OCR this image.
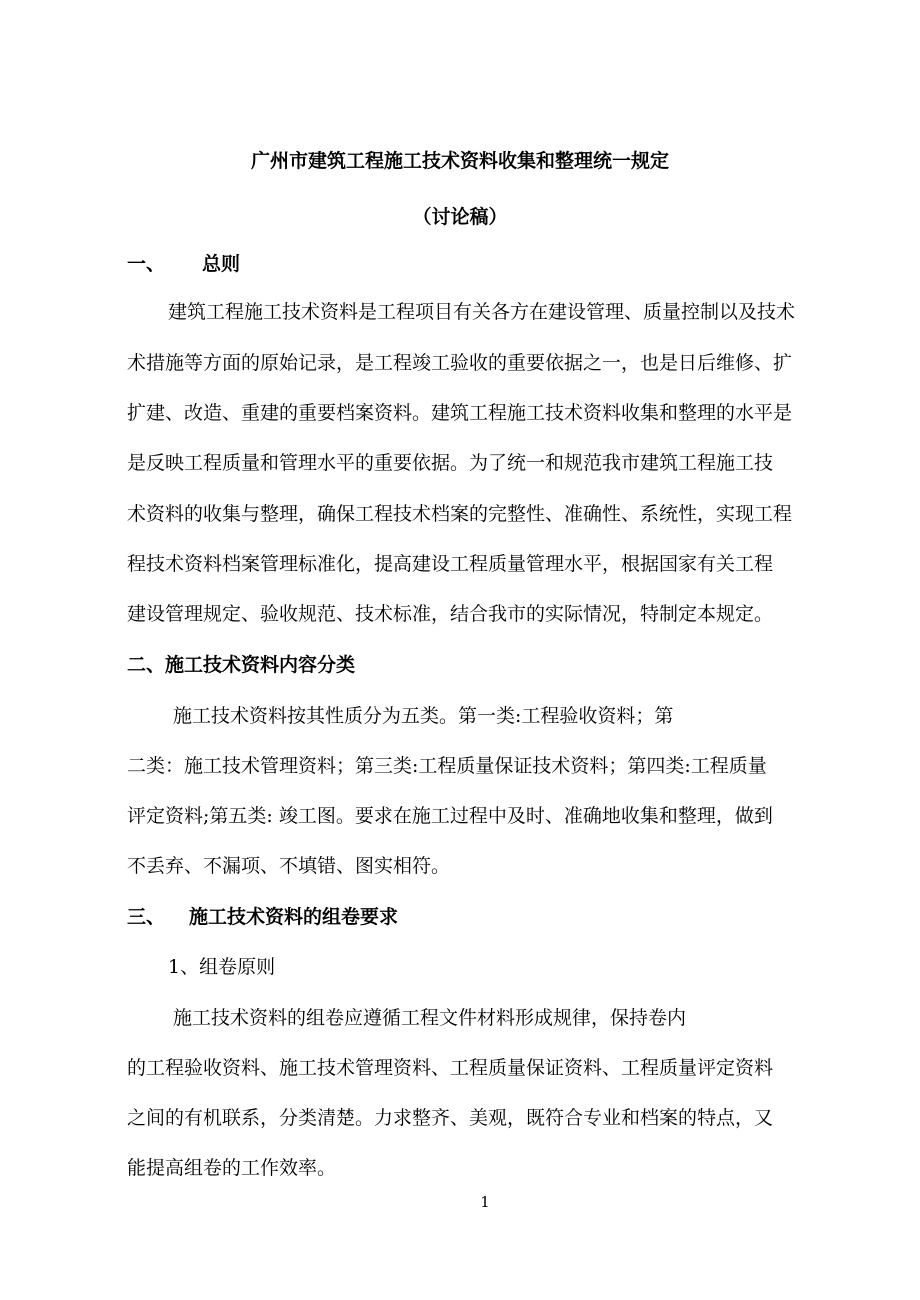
广州市建筑工程施工技术资料收集和整理统一规定
（讨论稿）
一、 总则
建筑工程施工技术资料是工程项目有关各方在建设管理、质量控制以及技术
术措施等方面的原始记录，是工程竣工验收的重要依据之一，也是日后维修、扩
扩建、改造、重建的重要档案资料。建筑工程施工技术资料收集和整理的水平是
是反映工程质量和管理水平的重要依据。为了统一和规范我市建筑工程施工技
术资料的收集与整理，确保工程技术档案的完整性、准确性、系统性，实现工程
程技术资料档案管理标准化，提高建设工程质量管理水平，根据国家有关工程
建设管理规定、验收规范、技术标准，结合我市的实际情况，特制定本规定。
二、施工技术资料内容分类
施工技术资料按其性质分为五类。第一类:工程验收资料；第
二类：施工技术管理资料；第三类:工程质量保证技术资料；第四类:工程质量
评定资料;第五类: 竣工图。要求在施工过程中及时、准确地收集和整理，做到
不丢弃、不漏项、不填错、图实相符。
三、 施工技术资料的组卷要求
1、组卷原则
施工技术资料的组卷应遵循工程文件材料形成规律，保持卷内
的工程验收资料、施工技术管理资料、工程质量保证资料、工程质量评定资料
之间的有机联系，分类清楚。力求整齐、美观，既符合专业和档案的特点，又
能提高组卷的工作效率。
1
